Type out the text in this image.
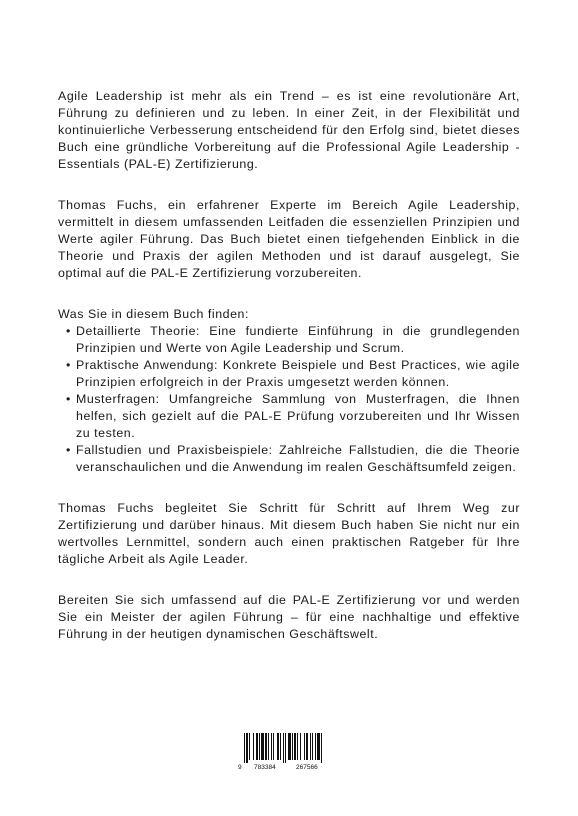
Agile Leadership ist mehr als ein Trend – es ist eine revolutionäre Art, Führung zu definieren und zu leben. In einer Zeit, in der Flexibilität und kontinuierliche Verbesserung entscheidend für den Erfolg sind, bietet dieses Buch eine gründliche Vorbereitung auf die Professional Agile Leadership - Essentials (PAL-E) Zertifizierung.

Thomas Fuchs, ein erfahrener Experte im Bereich Agile Leadership, vermittelt in diesem umfassenden Leitfaden die essenziellen Prinzipien und Werte agiler Führung. Das Buch bietet einen tiefgehenden Einblick in die Theorie und Praxis der agilen Methoden und ist darauf ausgelegt, Sie optimal auf die PAL-E Zertifizierung vorzubereiten.

Was Sie in diesem Buch finden:

• Detaillierte Theorie: Eine fundierte Einführung in die grundlegenden Prinzipien und Werte von Agile Leadership und Scrum.
• Praktische Anwendung: Konkrete Beispiele und Best Practices, wie agile Prinzipien erfolgreich in der Praxis umgesetzt werden können.
• Musterfragen: Umfangreiche Sammlung von Musterfragen, die Ihnen helfen, sich gezielt auf die PAL-E Prüfung vorzubereiten und Ihr Wissen zu testen.
• Fallstudien und Praxisbeispiele: Zahlreiche Fallstudien, die die Theorie veranschaulichen und die Anwendung im realen Geschäftsumfeld zeigen.

Thomas Fuchs begleitet Sie Schritt für Schritt auf Ihrem Weg zur Zertifizierung und darüber hinaus. Mit diesem Buch haben Sie nicht nur ein wertvolles Lernmittel, sondern auch einen praktischen Ratgeber für Ihre tägliche Arbeit als Agile Leader.

Bereiten Sie sich umfassend auf die PAL-E Zertifizierung vor und werden Sie ein Meister der agilen Führung – für eine nachhaltige und effektive Führung in der heutigen dynamischen Geschäftswelt.

9 783384	267566
